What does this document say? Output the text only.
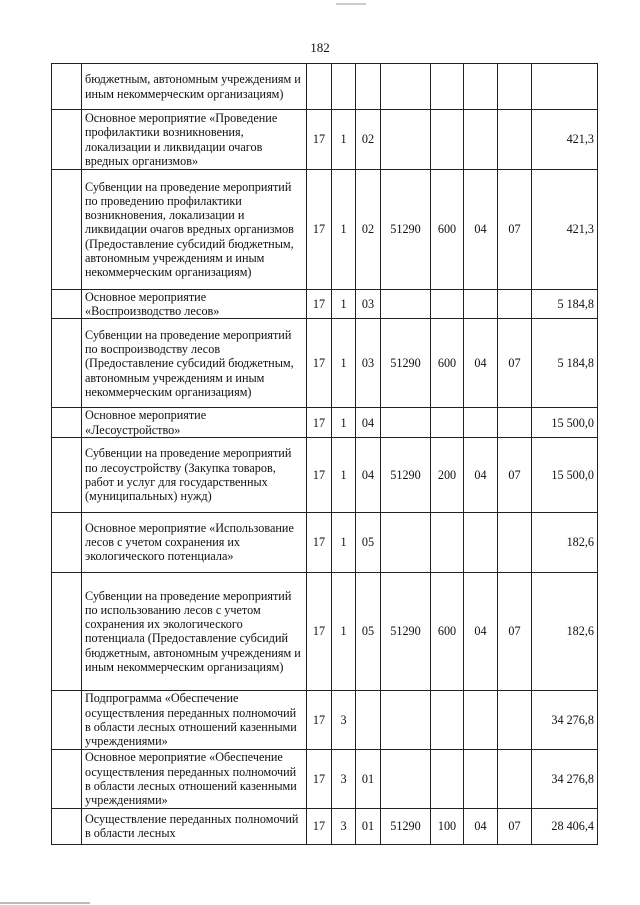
182
	бюджетным, автономным учреждениям и иным некоммерческим организациям)								
	Основное мероприятие «Проведение профилактики возникновения, локализации и ликвидации очагов вредных организмов»	17	1	02					421,3
	Субвенции на проведение мероприятий по проведению профилактики возникновения, локализации и ликвидации очагов вредных организмов (Предоставление субсидий бюджетным, автономным учреждениям и иным некоммерческим организациям)	17	1	02	51290	600	04	07	421,3
	Основное мероприятие «Воспроизводство лесов»	17	1	03					5 184,8
	Субвенции на проведение мероприятий по воспроизводству лесов (Предоставление субсидий бюджетным, автономным учреждениям и иным некоммерческим организациям)	17	1	03	51290	600	04	07	5 184,8
	Основное мероприятие «Лесоустройство»	17	1	04					15 500,0
	Субвенции на проведение мероприятий по лесоустройству (Закупка товаров, работ и услуг для государственных (муниципальных) нужд)	17	1	04	51290	200	04	07	15 500,0
	Основное мероприятие «Использование лесов с учетом сохранения их экологического потенциала»	17	1	05					182,6
	Субвенции на проведение мероприятий по использованию лесов с учетом сохранения их экологического потенциала (Предоставление субсидий бюджетным, автономным учреждениям и иным некоммерческим организациям)	17	1	05	51290	600	04	07	182,6
	Подпрограмма «Обеспечение осуществления переданных полномочий в области лесных отношений казенными учреждениями»	17	3						34 276,8
	Основное мероприятие «Обеспечение осуществления переданных полномочий в области лесных отношений казенными учреждениями»	17	3	01					34 276,8
	Осуществление переданных полномочий в области лесных	17	3	01	51290	100	04	07	28 406,4
